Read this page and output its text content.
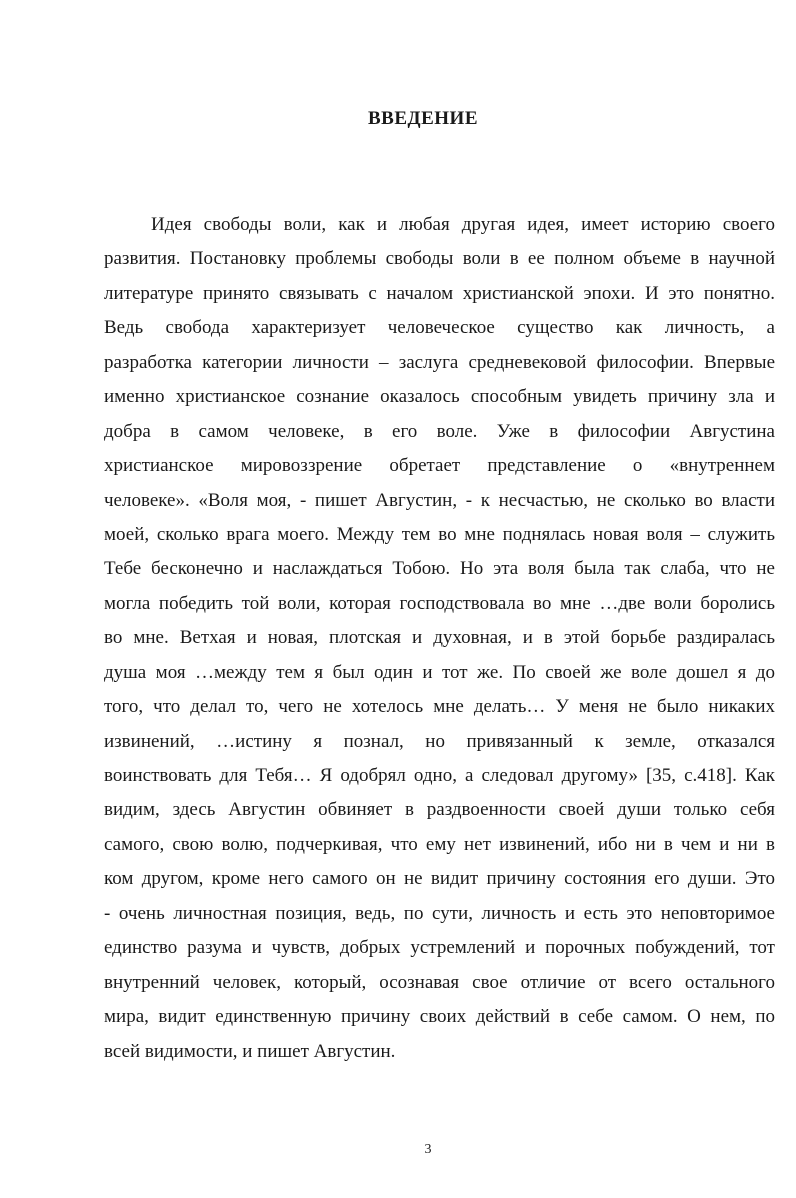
ВВЕДЕНИЕ
Идея свободы воли, как и любая другая идея, имеет историю своего
развития. Постановку проблемы свободы воли в ее полном объеме в научной
литературе принято связывать с началом христианской эпохи. И это понятно.
Ведь свобода характеризует человеческое существо как личность, а
разработка категории личности – заслуга средневековой философии. Впервые
именно христианское сознание оказалось способным увидеть причину зла и
добра в самом человеке, в его воле. Уже в философии Августина
христианское мировоззрение обретает представление о «внутреннем
человеке». «Воля моя, - пишет Августин, - к несчастью, не сколько во власти
моей, сколько врага моего. Между тем во мне поднялась новая воля – служить
Тебе бесконечно и наслаждаться Тобою. Но эта воля была так слаба, что не
могла победить той воли, которая господствовала во мне …две воли боролись
во мне. Ветхая и новая, плотская и духовная, и в этой борьбе раздиралась
душа моя …между тем я был один и тот же. По своей же воле дошел я до
того, что делал то, чего не хотелось мне делать… У меня не было никаких
извинений, …истину я познал, но привязанный к земле, отказался
воинствовать для Тебя… Я одобрял одно, а следовал другому» [35, с.418]. Как
видим, здесь Августин обвиняет в раздвоенности своей души только себя
самого, свою волю, подчеркивая, что ему нет извинений, ибо ни в чем и ни в
ком другом, кроме него самого он не видит причину состояния его души. Это
- очень личностная позиция, ведь, по сути, личность и есть это неповторимое
единство разума и чувств, добрых устремлений и порочных побуждений, тот
внутренний человек, который, осознавая свое отличие от всего остального
мира, видит единственную причину своих действий в себе самом. О нем, по
всей видимости, и пишет Августин.
3
